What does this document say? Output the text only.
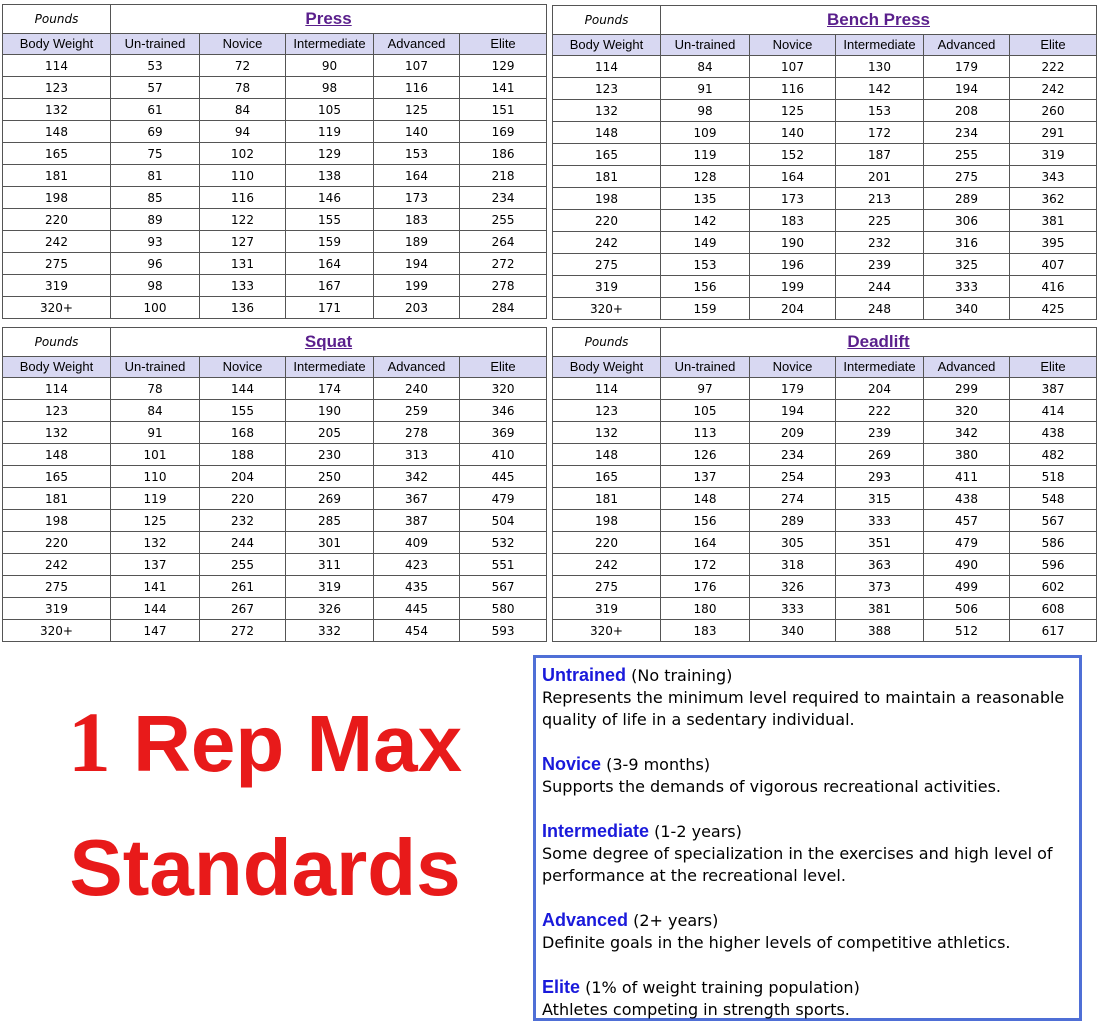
Pounds	Press				
Body Weight	Un-trained	Novice	Intermediate	Advanced	Elite
114	53	72	90	107	129
123	57	78	98	116	141
132	61	84	105	125	151
148	69	94	119	140	169
165	75	102	129	153	186
181	81	110	138	164	218
198	85	116	146	173	234
220	89	122	155	183	255
242	93	127	159	189	264
275	96	131	164	194	272
319	98	133	167	199	278
320+	100	136	171	203	284
Pounds	Bench Press				
Body Weight	Un-trained	Novice	Intermediate	Advanced	Elite
114	84	107	130	179	222
123	91	116	142	194	242
132	98	125	153	208	260
148	109	140	172	234	291
165	119	152	187	255	319
181	128	164	201	275	343
198	135	173	213	289	362
220	142	183	225	306	381
242	149	190	232	316	395
275	153	196	239	325	407
319	156	199	244	333	416
320+	159	204	248	340	425
Pounds	Squat				
Body Weight	Un-trained	Novice	Intermediate	Advanced	Elite
114	78	144	174	240	320
123	84	155	190	259	346
132	91	168	205	278	369
148	101	188	230	313	410
165	110	204	250	342	445
181	119	220	269	367	479
198	125	232	285	387	504
220	132	244	301	409	532
242	137	255	311	423	551
275	141	261	319	435	567
319	144	267	326	445	580
320+	147	272	332	454	593
Pounds	Deadlift				
Body Weight	Un-trained	Novice	Intermediate	Advanced	Elite
114	97	179	204	299	387
123	105	194	222	320	414
132	113	209	239	342	438
148	126	234	269	380	482
165	137	254	293	411	518
181	148	274	315	438	548
198	156	289	333	457	567
220	164	305	351	479	586
242	172	318	363	490	596
275	176	326	373	499	602
319	180	333	381	506	608
320+	183	340	388	512	617
1 Rep Max
Standards
Untrained (No training)
Represents the minimum level required to maintain a reasonable quality of life in a sedentary individual.
Novice (3-9 months)
Supports the demands of vigorous recreational activities.
Intermediate (1-2 years)
Some degree of specialization in the exercises and high level of performance at the recreational level.
Advanced (2+ years)
Definite goals in the higher levels of competitive athletics.
Elite (1% of weight training population)
Athletes competing in strength sports.
